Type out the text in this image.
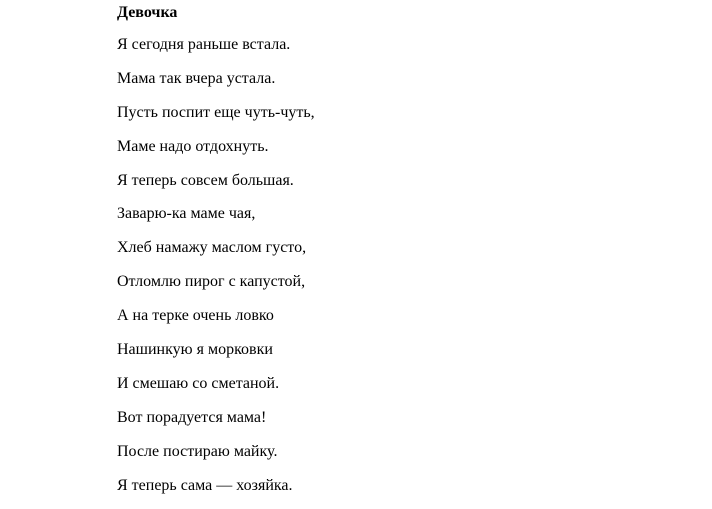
Девочка
Я сегодня раньше встала.
Мама так вчера устала.
Пусть поспит еще чуть-чуть,
Маме надо отдохнуть.
Я теперь совсем большая.
Заварю-ка маме чая,
Хлеб намажу маслом густо,
Отломлю пирог с капустой,
А на терке очень ловко
Нашинкую я морковки
И смешаю со сметаной.
Вот порадуется мама!
После постираю майку.
Я теперь сама — хозяйка.
